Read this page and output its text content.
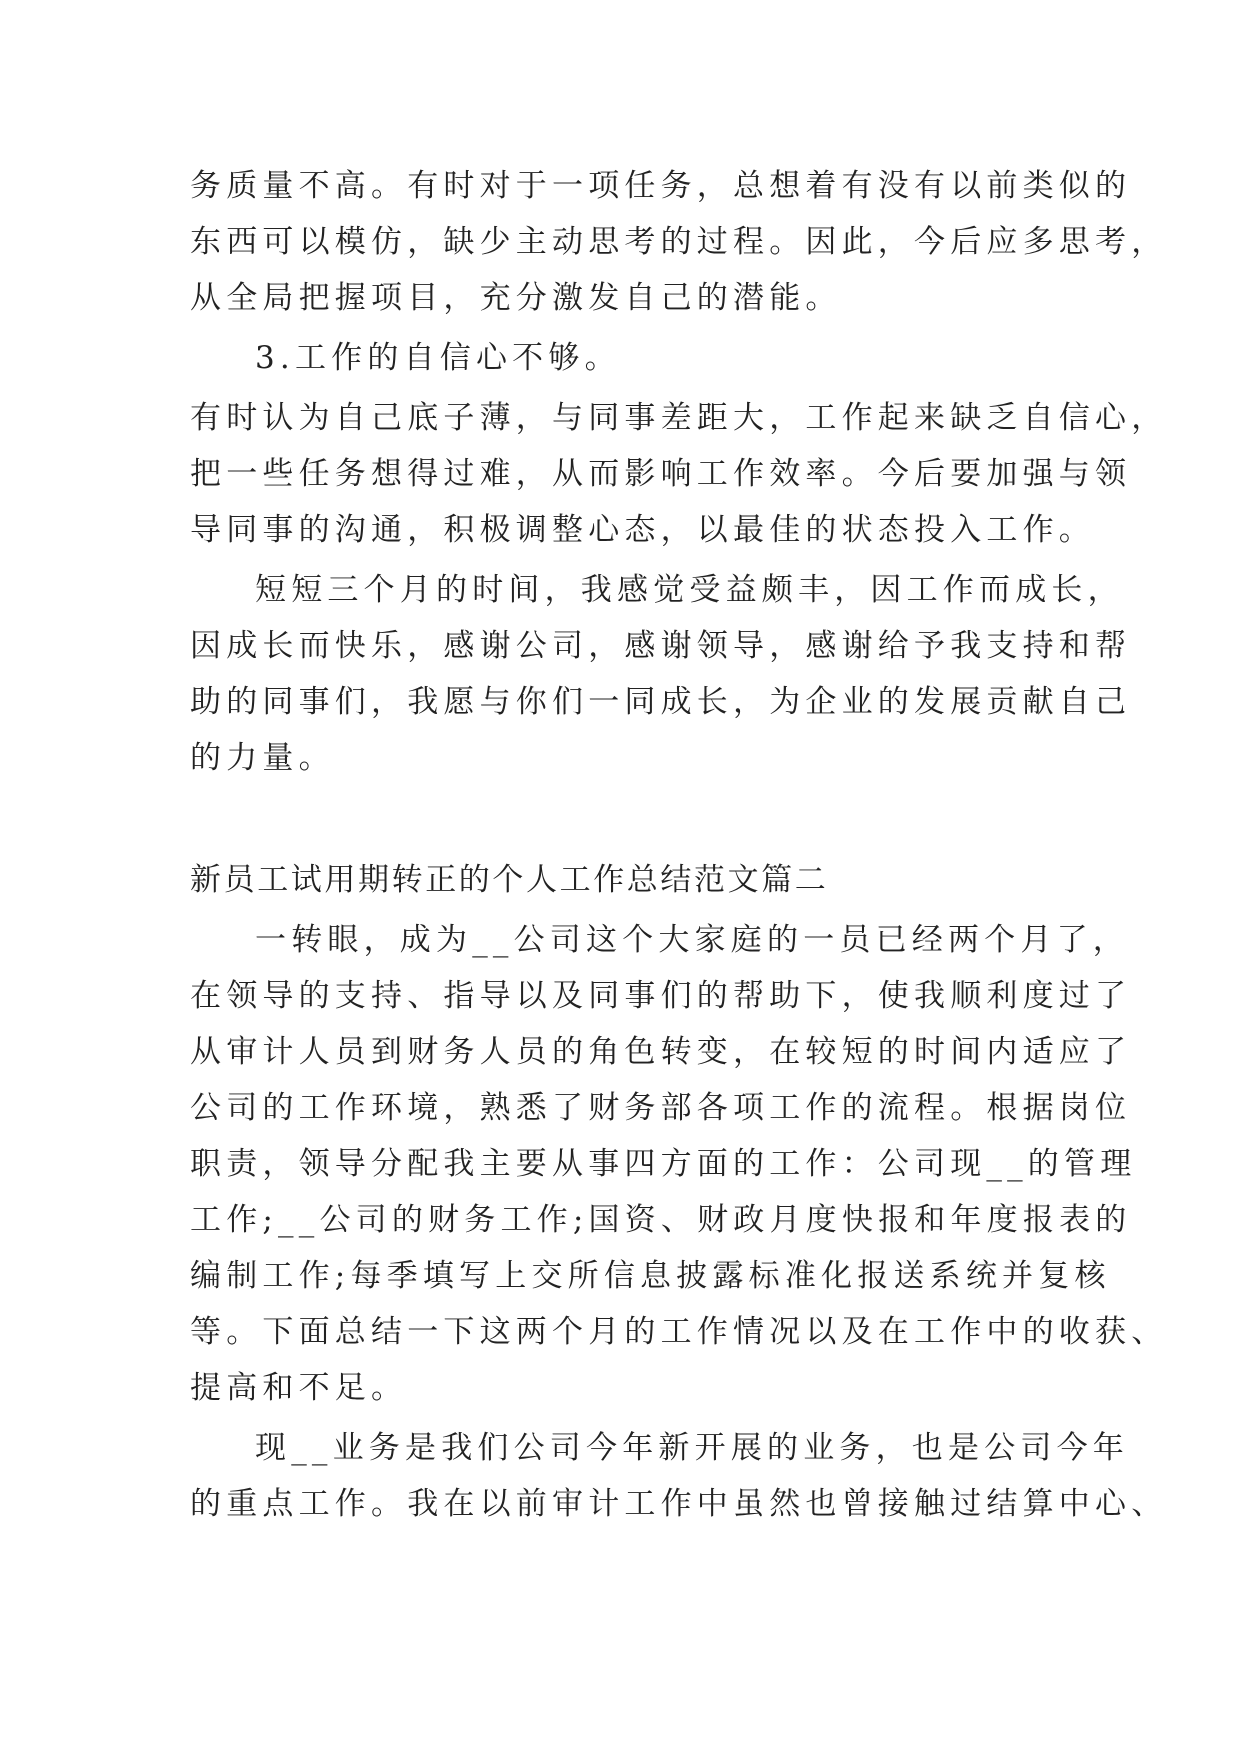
务质量不高。有时对于一项任务，总想着有没有以前类似的
东西可以模仿，缺少主动思考的过程。因此，今后应多思考，
从全局把握项目，充分激发自己的潜能。
3.工作的自信心不够。
有时认为自己底子薄，与同事差距大，工作起来缺乏自信心，
把一些任务想得过难，从而影响工作效率。今后要加强与领
导同事的沟通，积极调整心态，以最佳的状态投入工作。
短短三个月的时间，我感觉受益颇丰，因工作而成长，
因成长而快乐，感谢公司，感谢领导，感谢给予我支持和帮
助的同事们，我愿与你们一同成长，为企业的发展贡献自己
的力量。
新员工试用期转正的个人工作总结范文篇二
一转眼，成为__公司这个大家庭的一员已经两个月了，
在领导的支持、指导以及同事们的帮助下，使我顺利度过了
从审计人员到财务人员的角色转变，在较短的时间内适应了
公司的工作环境，熟悉了财务部各项工作的流程。根据岗位
职责，领导分配我主要从事四方面的工作：公司现__的管理
工作;__公司的财务工作;国资、财政月度快报和年度报表的
编制工作;每季填写上交所信息披露标准化报送系统并复核
等。下面总结一下这两个月的工作情况以及在工作中的收获、
提高和不足。
现__业务是我们公司今年新开展的业务，也是公司今年
的重点工作。我在以前审计工作中虽然也曾接触过结算中心、
